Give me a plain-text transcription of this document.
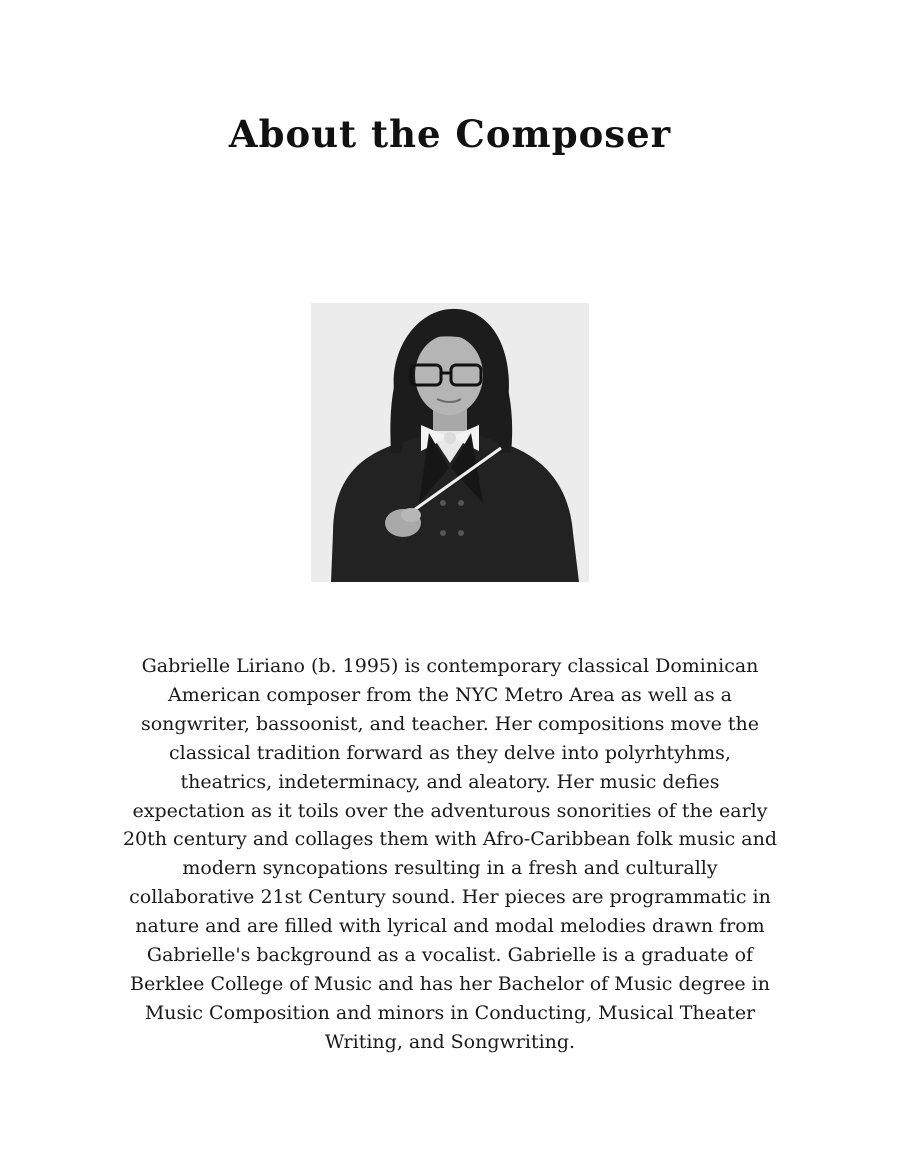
About the Composer

Gabrielle Liriano (b. 1995) is contemporary classical Dominican
American composer from the NYC Metro Area as well as a
songwriter, bassoonist, and teacher. Her compositions move the
classical tradition forward as they delve into polyrhtyhms,
theatrics, indeterminacy, and aleatory. Her music defies
expectation as it toils over the adventurous sonorities of the early
20th century and collages them with Afro-Caribbean folk music and
modern syncopations resulting in a fresh and culturally
collaborative 21st Century sound. Her pieces are programmatic in
nature and are filled with lyrical and modal melodies drawn from
Gabrielle's background as a vocalist. Gabrielle is a graduate of
Berklee College of Music and has her Bachelor of Music degree in
Music Composition and minors in Conducting, Musical Theater
Writing, and Songwriting.
